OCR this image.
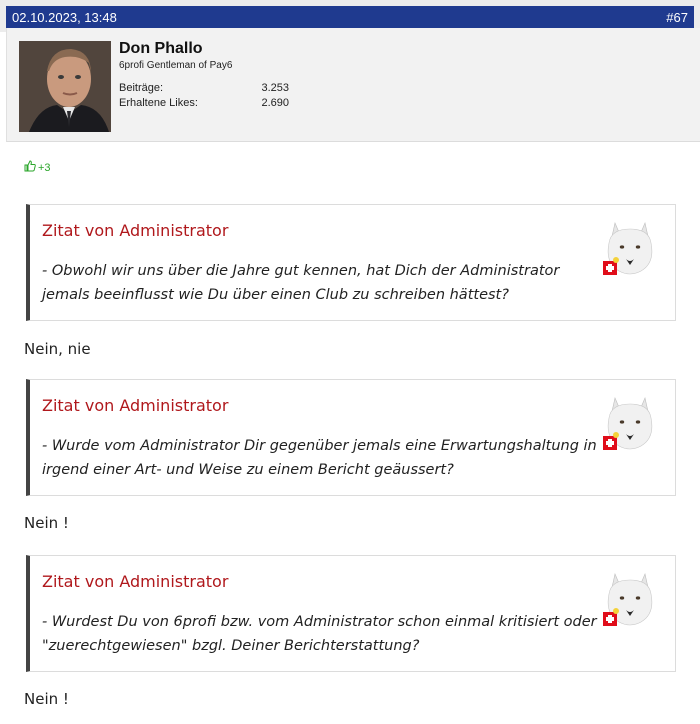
02.10.2023, 13:48	#67
Don Phallo
6profi Gentleman of Pay6
Beiträge:	3.253
Erhaltene Likes:	2.690
+3
Zitat von Administrator
- Obwohl wir uns über die Jahre gut kennen, hat Dich der Administrator jemals beeinflusst wie Du über einen Club zu schreiben hättest?
Nein, nie
Zitat von Administrator
- Wurde vom Administrator Dir gegenüber jemals eine Erwartungshaltung in irgend einer Art- und Weise zu einem Bericht geäussert?
Nein !
Zitat von Administrator
- Wurdest Du von 6profi bzw. vom Administrator schon einmal kritisiert oder "zuerechtgewiesen" bzgl. Deiner Berichterstattung?
Nein !
